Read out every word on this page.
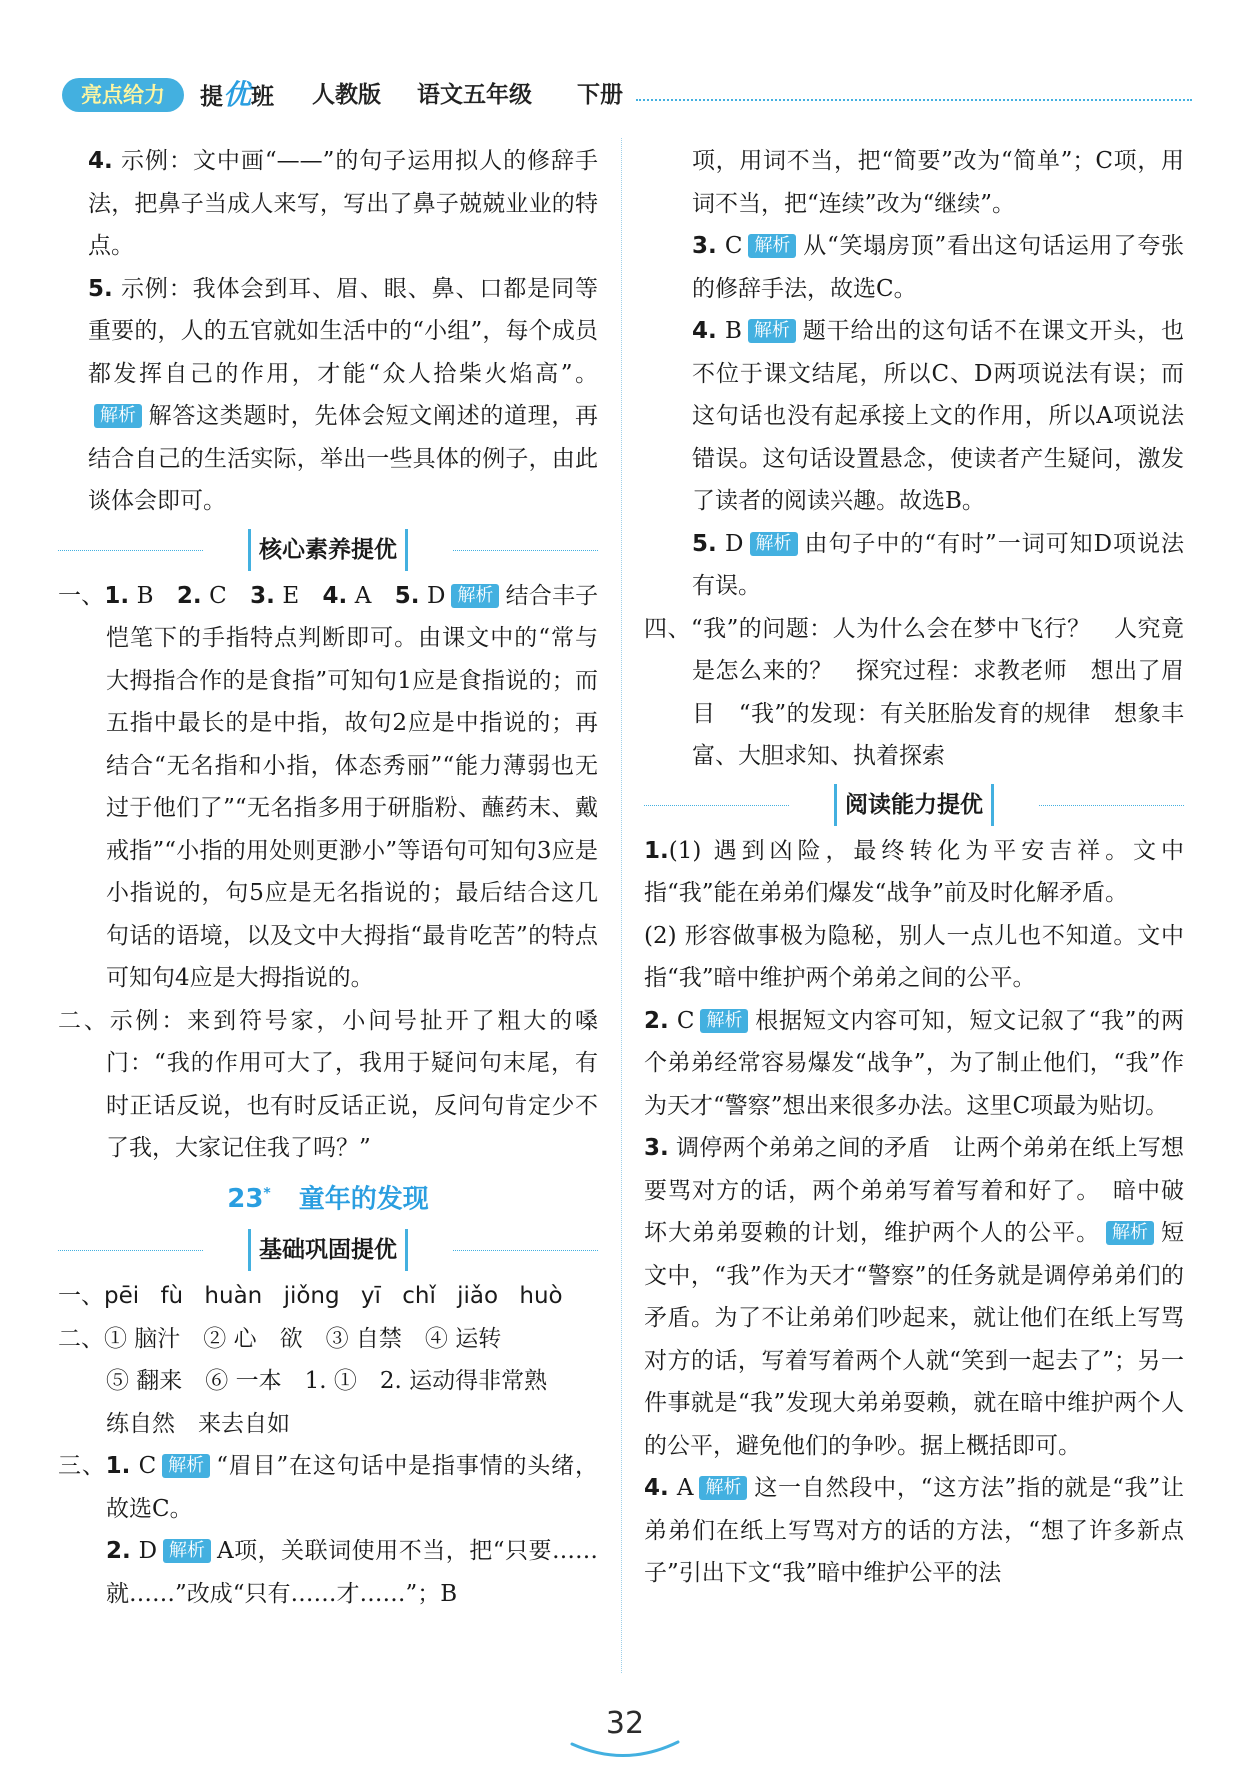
亮点给力	提优班 人教版 语文五年级 下册

4. 示例：文中画“——”的句子运用拟人的修辞手法，把鼻子当成人来写，写出了鼻子兢兢业业的特点。

5. 示例：我体会到耳、眉、眼、鼻、口都是同等重要的，人的五官就如生活中的“小组”，每个成员都发挥自己的作用，才能“众人拾柴火焰高”。解析 解答这类题时，先体会短文阐述的道理，再结合自己的生活实际，举出一些具体的例子，由此谈体会即可。

核心素养提优

一、1. B　 2. C　 3. E　 4. A　 5. D 解析 结合丰子恺笔下的手指特点判断即可。由课文中的“常与大拇指合作的是食指”可知句1应是食指说的；而五指中最长的是中指，故句2应是中指说的；再结合“无名指和小指，体态秀丽”“能力薄弱也无过于他们了”“无名指多用于研脂粉、蘸药末、戴戒指”“小指的用处则更渺小”等语句可知句3应是小指说的，句5应是无名指说的；最后结合这几句话的语境，以及文中大拇指“最肯吃苦”的特点可知句4应是大拇指说的。

二、示例：来到符号家，小问号扯开了粗大的嗓门：“我的作用可大了，我用于疑问句末尾，有时正话反说，也有时反话正说，反问句肯定少不了我，大家记住我了吗？”

23* 童年的发现

基础巩固提优

一、pēi fù huàn jiǒng yī chǐ jiǎo huò

二、① 脑汁　② 心　欲　③ 自禁　④ 运转
⑤ 翻来　⑥ 一本　1. ①　2. 运动得非常熟
练自然　来去自如

三、1. C 解析 “眉目”在这句话中是指事情的头绪，故选C。

2. D 解析 A项，关联词使用不当，把“只要……就……”改成“只有……才……”；B

项，用词不当，把“简要”改为“简单”；C项，用词不当，把“连续”改为“继续”。

3. C 解析 从“笑塌房顶”看出这句话运用了夸张的修辞手法，故选C。

4. B 解析 题干给出的这句话不在课文开头，也不位于课文结尾，所以C、D两项说法有误；而这句话也没有起承接上文的作用，所以A项说法错误。这句话设置悬念，使读者产生疑问，激发了读者的阅读兴趣。故选B。

5. D 解析 由句子中的“有时”一词可知D项说法有误。

四、“我”的问题：人为什么会在梦中飞行？　人究竟是怎么来的？　探究过程：求教老师　想出了眉目　“我”的发现：有关胚胎发育的规律　想象丰富、大胆求知、执着探索

阅读能力提优

1.(1) 遇到凶险，最终转化为平安吉祥。文中指“我”能在弟弟们爆发“战争”前及时化解矛盾。
(2) 形容做事极为隐秘，别人一点儿也不知道。文中指“我”暗中维护两个弟弟之间的公平。

2. C 解析 根据短文内容可知，短文记叙了“我”的两个弟弟经常容易爆发“战争”，为了制止他们，“我”作为天才“警察”想出来很多办法。这里C项最为贴切。

3. 调停两个弟弟之间的矛盾　让两个弟弟在纸上写想要骂对方的话，两个弟弟写着写着和好了。　暗中破坏大弟弟耍赖的计划，维护两个人的公平。 解析 短文中，“我”作为天才“警察”的任务就是调停弟弟们的矛盾。为了不让弟弟们吵起来，就让他们在纸上写骂对方的话，写着写着两个人就“笑到一起去了”；另一件事就是“我”发现大弟弟耍赖，就在暗中维护两个人的公平，避免他们的争吵。据上概括即可。

4. A 解析 这一自然段中，“这方法”指的就是“我”让弟弟们在纸上写骂对方的话的方法，“想了许多新点子”引出下文“我”暗中维护公平的法

32
